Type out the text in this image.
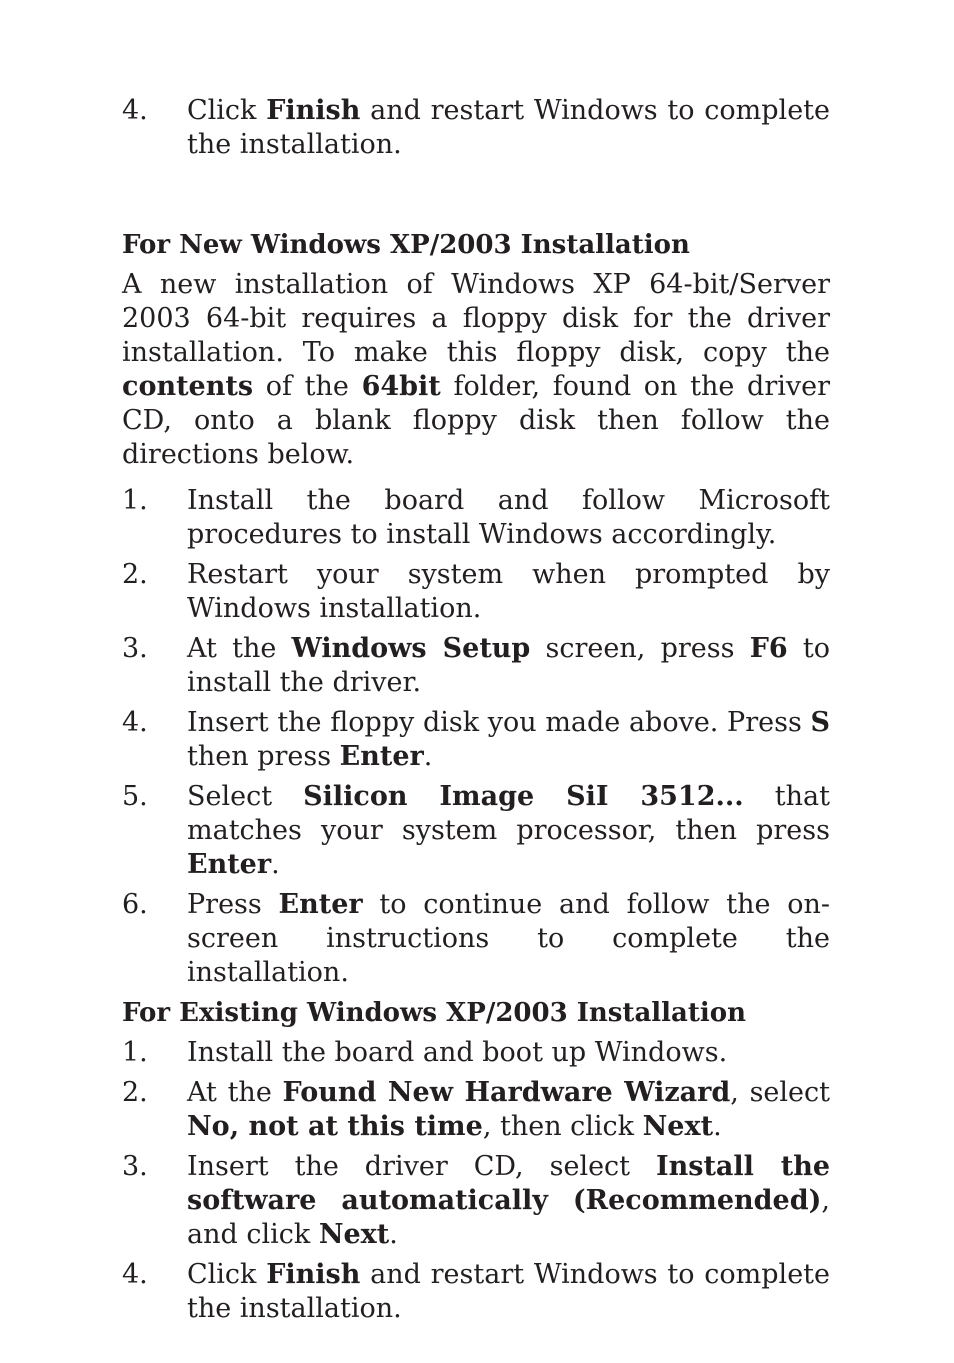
4.	Click Finish and restart Windows to complete the installation.
For New Windows XP/2003 Installation
A new installation of Windows XP 64-bit/Server 2003 64-bit requires a floppy disk for the driver installation. To make this floppy disk, copy the contents of the 64bit folder, found on the driver CD, onto a blank floppy disk then follow the directions below.
1.	Install the board and follow Microsoft procedures to install Windows accordingly.
2.	Restart your system when prompted by Windows installation.
3.	At the Windows Setup screen, press F6 to install the driver.
4.	Insert the floppy disk you made above. Press S then press Enter.
5.	Select Silicon Image SiI 3512... that matches your system processor, then press Enter.
6.	Press Enter to continue and follow the on-screen instructions to complete the installation.
For Existing Windows XP/2003 Installation
1.	Install the board and boot up Windows.
2.	At the Found New Hardware Wizard, select No, not at this time, then click Next.
3.	Insert the driver CD, select Install the software automatically (Recommended), and click Next.
4.	Click Finish and restart Windows to complete the installation.
